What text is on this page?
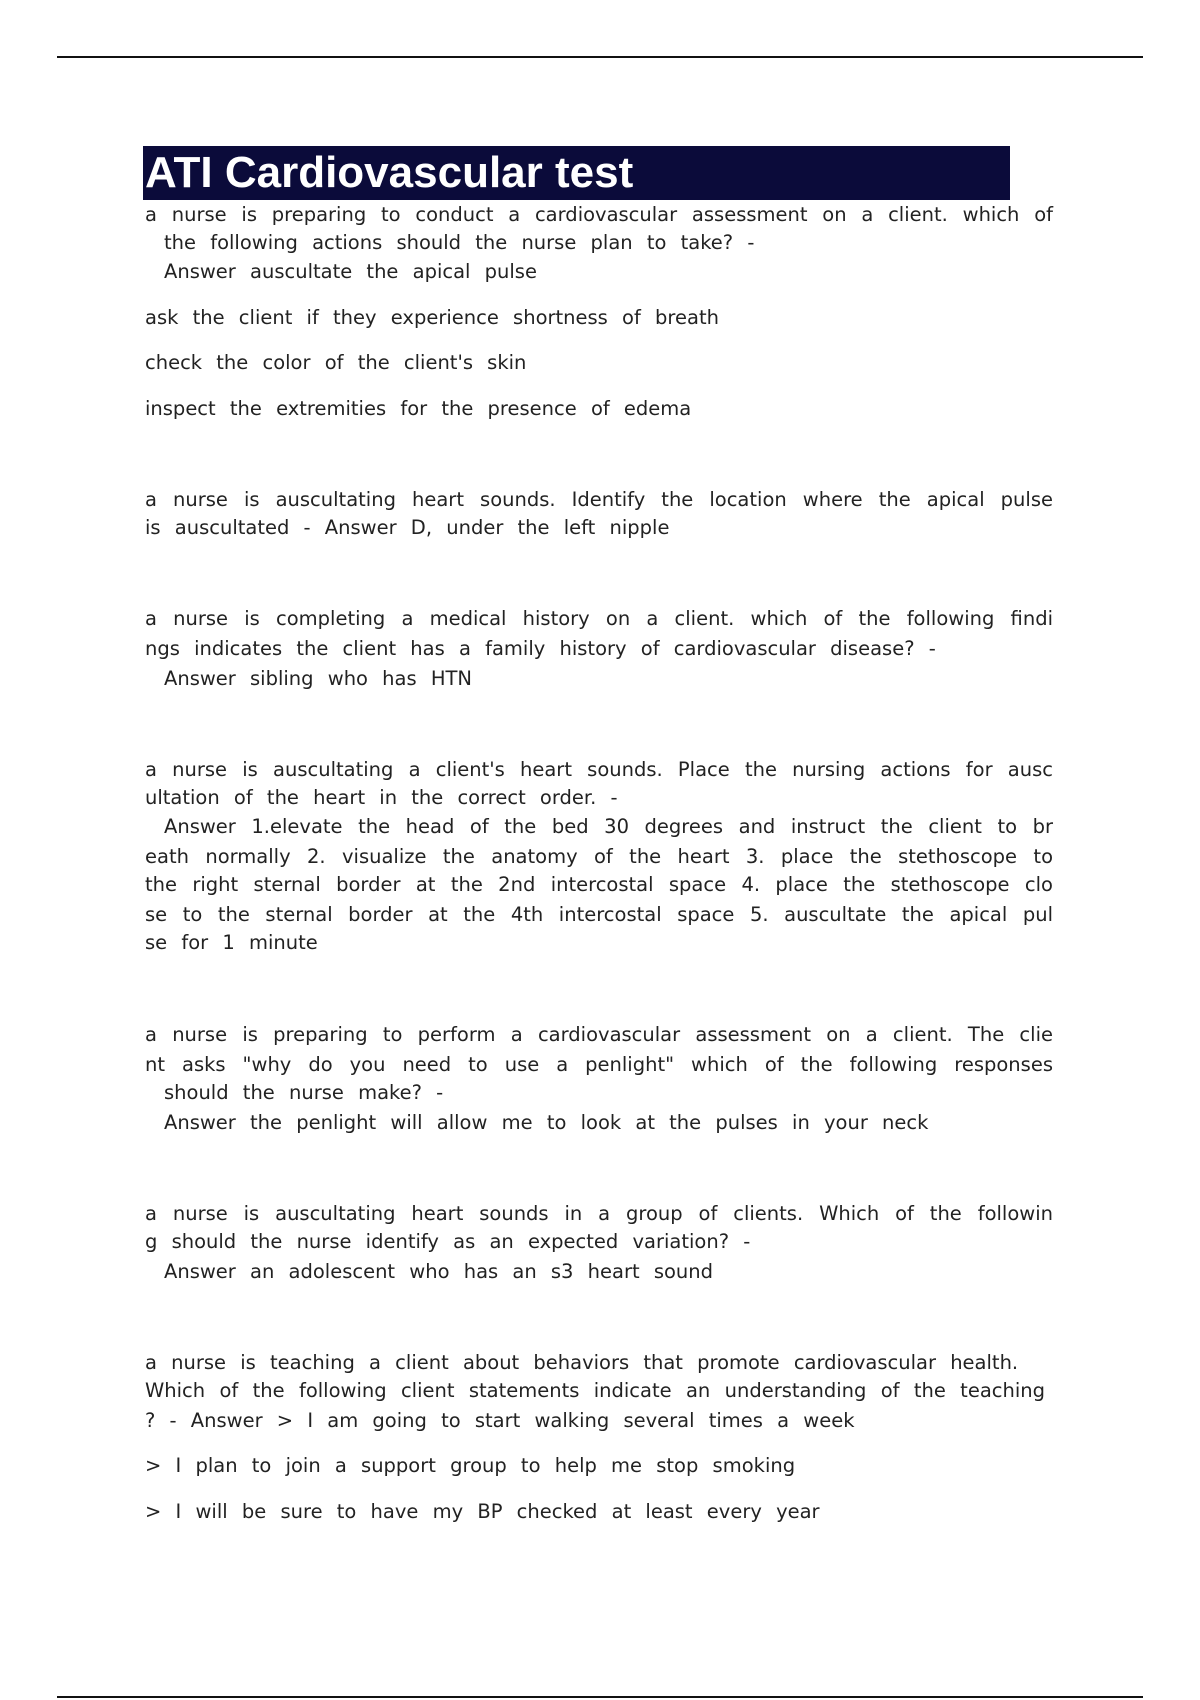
ATI Cardiovascular test
a nurse is preparing to conduct a cardiovascular assessment on a client. which of
the following actions should the nurse plan to take? -
Answer auscultate the apical pulse
ask the client if they experience shortness of breath
check the color of the client's skin
inspect the extremities for the presence of edema
a nurse is auscultating heart sounds. Identify the location where the apical pulse
is auscultated - Answer D, under the left nipple
a nurse is completing a medical history on a client. which of the following findi
ngs indicates the client has a family history of cardiovascular disease? -
Answer sibling who has HTN
a nurse is auscultating a client's heart sounds. Place the nursing actions for ausc
ultation of the heart in the correct order. -
Answer 1.elevate the head of the bed 30 degrees and instruct the client to br
eath normally 2. visualize the anatomy of the heart 3. place the stethoscope to
the right sternal border at the 2nd intercostal space 4. place the stethoscope clo
se to the sternal border at the 4th intercostal space 5. auscultate the apical pul
se for 1 minute
a nurse is preparing to perform a cardiovascular assessment on a client. The clie
nt asks "why do you need to use a penlight" which of the following responses
should the nurse make? -
Answer the penlight will allow me to look at the pulses in your neck
a nurse is auscultating heart sounds in a group of clients. Which of the followin
g should the nurse identify as an expected variation? -
Answer an adolescent who has an s3 heart sound
a nurse is teaching a client about behaviors that promote cardiovascular health.
Which of the following client statements indicate an understanding of the teaching
? - Answer > I am going to start walking several times a week
> I plan to join a support group to help me stop smoking
> I will be sure to have my BP checked at least every year
